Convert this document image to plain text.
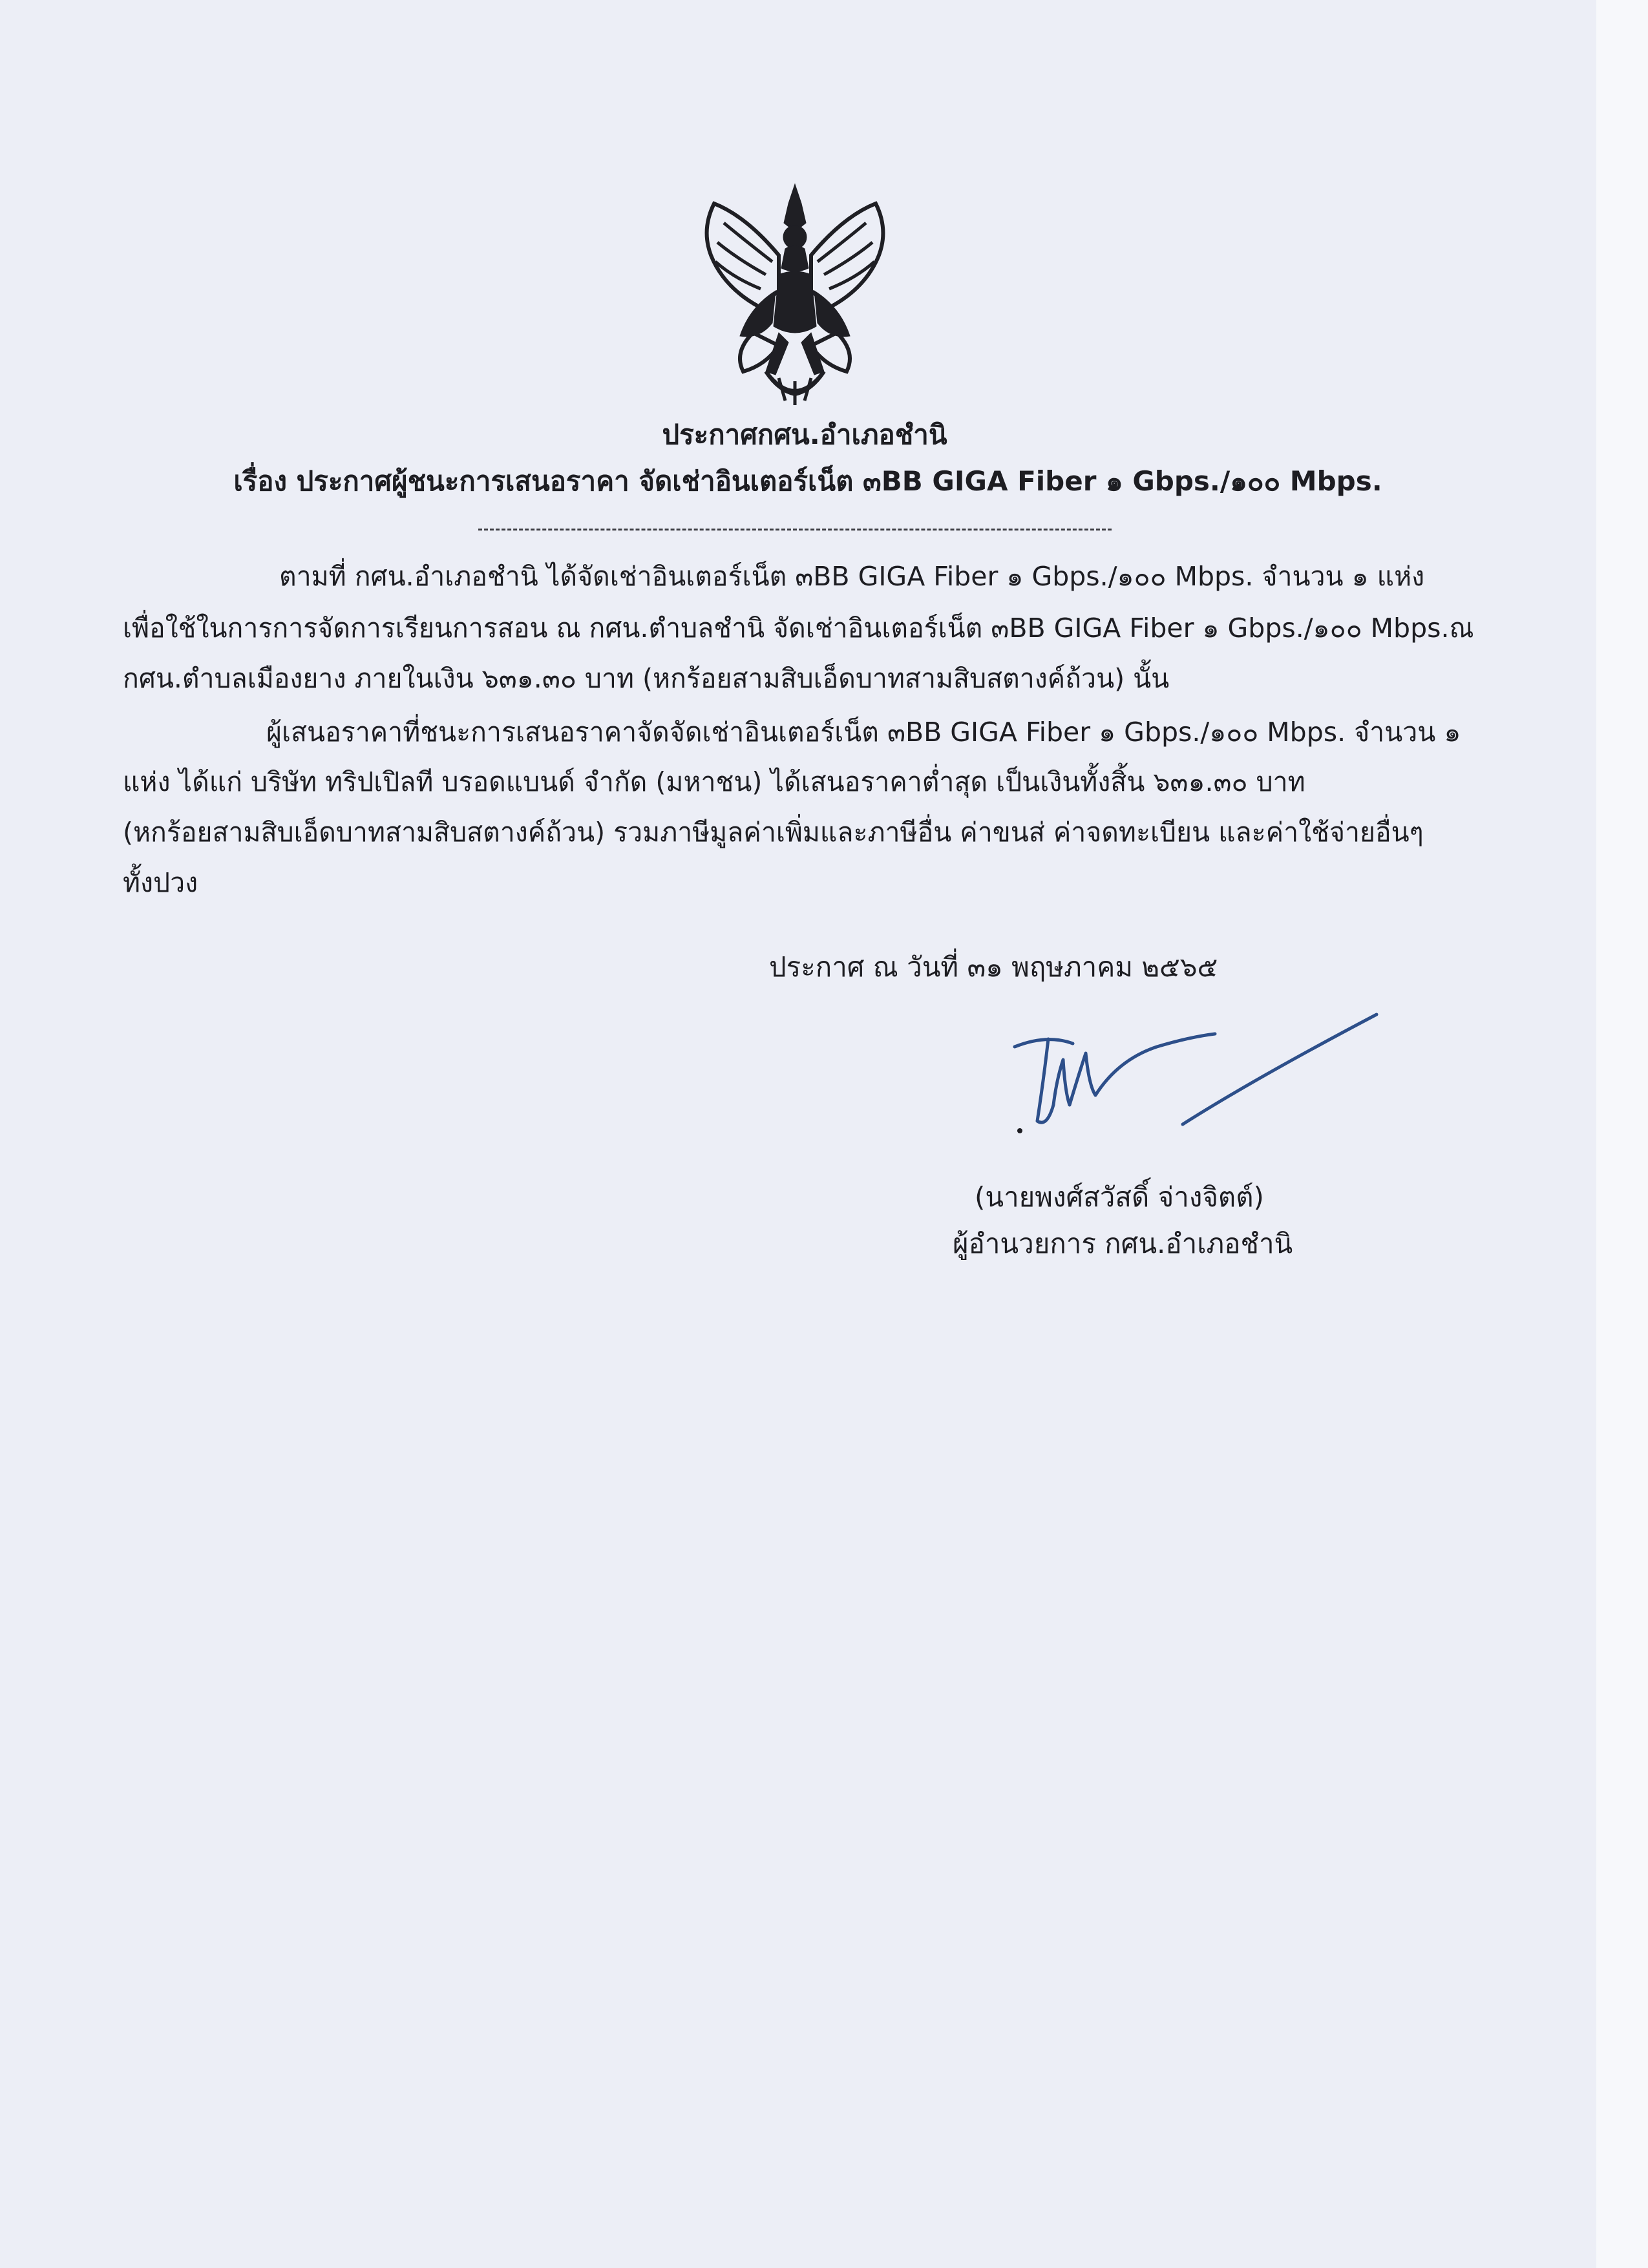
ประกาศกศน.อำเภอชำนิ
เรื่อง ประกาศผู้ชนะการเสนอราคา จัดเช่าอินเตอร์เน็ต ๓BB GIGA Fiber ๑ Gbps./๑๐๐ Mbps.
ตามที่ กศน.อำเภอชำนิ ได้จัดเช่าอินเตอร์เน็ต ๓BB GIGA Fiber ๑ Gbps./๑๐๐ Mbps. จำนวน ๑ แห่ง
เพื่อใช้ในการการจัดการเรียนการสอน ณ กศน.ตำบลชำนิ จัดเช่าอินเตอร์เน็ต ๓BB GIGA Fiber ๑ Gbps./๑๐๐ Mbps.ณ
กศน.ตำบลเมืองยาง ภายในเงิน ๖๓๑.๓๐ บาท (หกร้อยสามสิบเอ็ดบาทสามสิบสตางค์ถ้วน) นั้น
ผู้เสนอราคาที่ชนะการเสนอราคาจัดจัดเช่าอินเตอร์เน็ต ๓BB GIGA Fiber ๑ Gbps./๑๐๐ Mbps. จำนวน ๑
แห่ง ได้แก่ บริษัท ทริปเปิลที บรอดแบนด์ จำกัด (มหาชน) ได้เสนอราคาต่ำสุด เป็นเงินทั้งสิ้น ๖๓๑.๓๐ บาท
(หกร้อยสามสิบเอ็ดบาทสามสิบสตางค์ถ้วน) รวมภาษีมูลค่าเพิ่มและภาษีอื่น ค่าขนส่ ค่าจดทะเบียน และค่าใช้จ่ายอื่นๆ
ทั้งปวง
ประกาศ ณ วันที่ ๓๑ พฤษภาคม ๒๕๖๕
(นายพงศ์สวัสดิ์ จ่างจิตต์)
ผู้อำนวยการ กศน.อำเภอชำนิ
